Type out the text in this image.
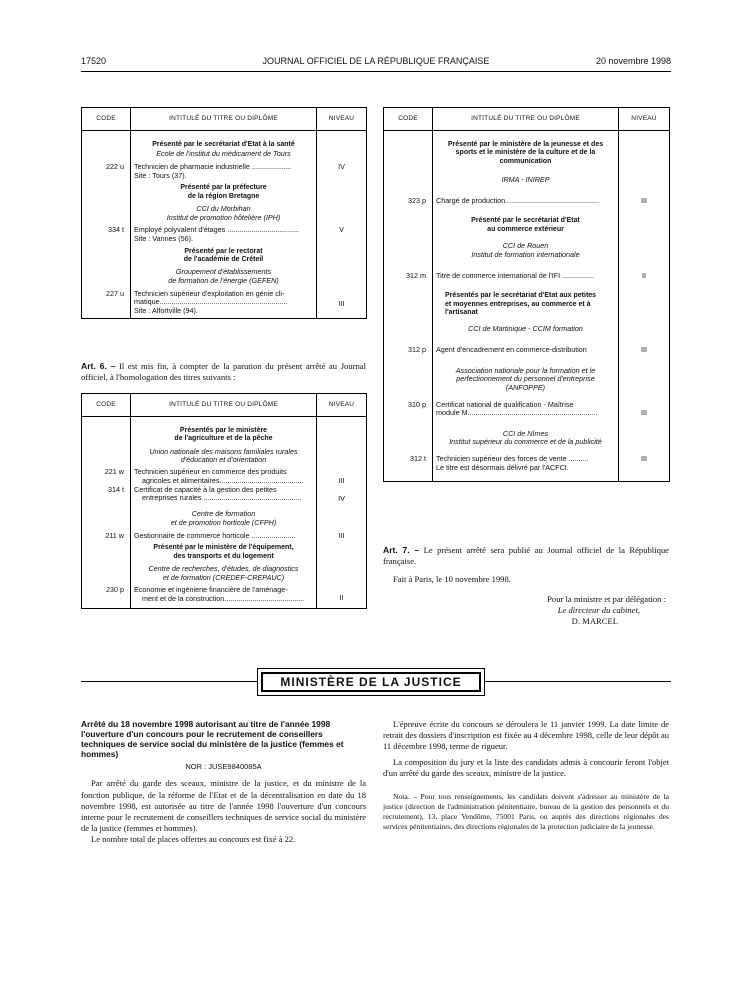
17520	JOURNAL OFFICIEL DE LA RÉPUBLIQUE FRANÇAISE	20 novembre 1998
CODE	INTITULÉ DU TITRE OU DIPLÔME	NIVEAU
	Présenté par le secrétariat d'Etat à la santé	
	Ecole de l'institut du médicament de Tours	
222 u	Technicien de pharmacie industrielle ....................
Site : Tours (37).	IV

	Présenté par la préfecture
de la région Bretagne	

	CCI du Morbihan
Institut de promotion hôtelière (IPH)	

334 t	Employé polyvalent d'étages ....................................
Site : Vannes (56).	V

	Présenté par le rectorat
de l'académie de Créteil	

	Groupement d'établissements
de formation de l'énergie (GEFEN)	

227 u	Technicien supérieur d'exploitation en génie cli-
matique................................................................
Site : Alfortville (94).	III
Art. 6. – Il est mis fin, à compter de la parution du présent arrêté au Journal officiel, à l'homologation des titres suivants :
CODE	INTITULÉ DU TITRE OU DIPLÔME	NIVEAU

	Présentés par le ministère
de l'agriculture et de la pêche	

	Union nationale des maisons familiales rurales
d'éducation et d'orientation	

221 w	Technicien supérieur en commerce des produits
agricoles et alimentaires..........................................	III
314 t	Certificat de capacité à la gestion des petites
entreprises rurales .................................................	IV

	Centre de formation
et de promotion horticole (CFPH)	

211 w	Gestionnaire de commerce horticole ......................	III

	Présenté par le ministère de l'équipement,
des transports et du logement	

	Centre de recherches, d'études, de diagnostics
et de formation (CREDEF-CREPAUC)	

230 p	Economie et ingénierie financière de l'aménage-
ment et de la construction........................................	II
CODE	INTITULÉ DU TITRE OU DIPLÔME	NIVEAU

	Présenté par le ministère de la jeunesse et des
sports et le ministère de la culture et de la
communication	

	IRMA - INIREP	
323 p	Chargé de production...............................................	III

	Présenté par le secrétariat d'Etat
au commerce extérieur	

	CCI de Rouen
Institut de formation internationale	

312 m	Titre de commerce international de l'IFI ................	II

	Présentés par le secrétariat d'Etat aux petites
et moyennes entreprises, au commerce et à
l'artisanat	

	CCI de Martinique - CCIM formation	
312 p	Agent d'encadrement en commerce-distribution	III

	Association nationale pour la formation et le
perfectionnement du personnel d'entreprise
(ANFOPPE)	

310 p	Certificat national de qualification - Maîtrise
module M.................................................................	III

	CCI de Nîmes
Institut supérieur du commerce et de la publicité	

312 t	Technicien supérieur des forces de vente ..........
Le titre est désormais délivré par l'ACFCI.	III
Art. 7. – Le présent arrêté sera publié au Journal officiel de la République française.
Fait à Paris, le 10 novembre 1998.
Pour la ministre et par délégation :
Le directeur du cabinet,
D. MARCEL
MINISTÈRE DE LA JUSTICE
Arrêté du 18 novembre 1998 autorisant au titre de l'année 1998 l'ouverture d'un concours pour le recrutement de conseillers techniques de service social du ministère de la justice (femmes et hommes)
NOR : JUSE9840085A

Par arrêté du garde des sceaux, ministre de la justice, et du ministre de la fonction publique, de la réforme de l'Etat et de la décentralisation en date du 18 novembre 1998, est autorisée au titre de l'année 1998 l'ouverture d'un concours interne pour le recrutement de conseillers techniques de service social du ministère de la justice (femmes et hommes).

Le nombre total de places offertes au concours est fixé à 22.

L'épreuve écrite du concours se déroulera le 11 janvier 1999. La date limite de retrait des dossiers d'inscription est fixée au 4 décembre 1998, celle de leur dépôt au 11 décembre 1998, terme de rigueur.

La composition du jury et la liste des candidats admis à concourir feront l'objet d'un arrêté du garde des sceaux, ministre de la justice.

Nota. – Pour tous renseignements, les candidats doivent s'adresser au ministère de la justice (direction de l'administration pénitentiaire, bureau de la gestion des personnels et du recrutement), 13, place Vendôme, 75001 Paris, ou auprès des directions régionales des services pénitentiaires, des directions régionales de la protection judiciaire de la jeunesse.
